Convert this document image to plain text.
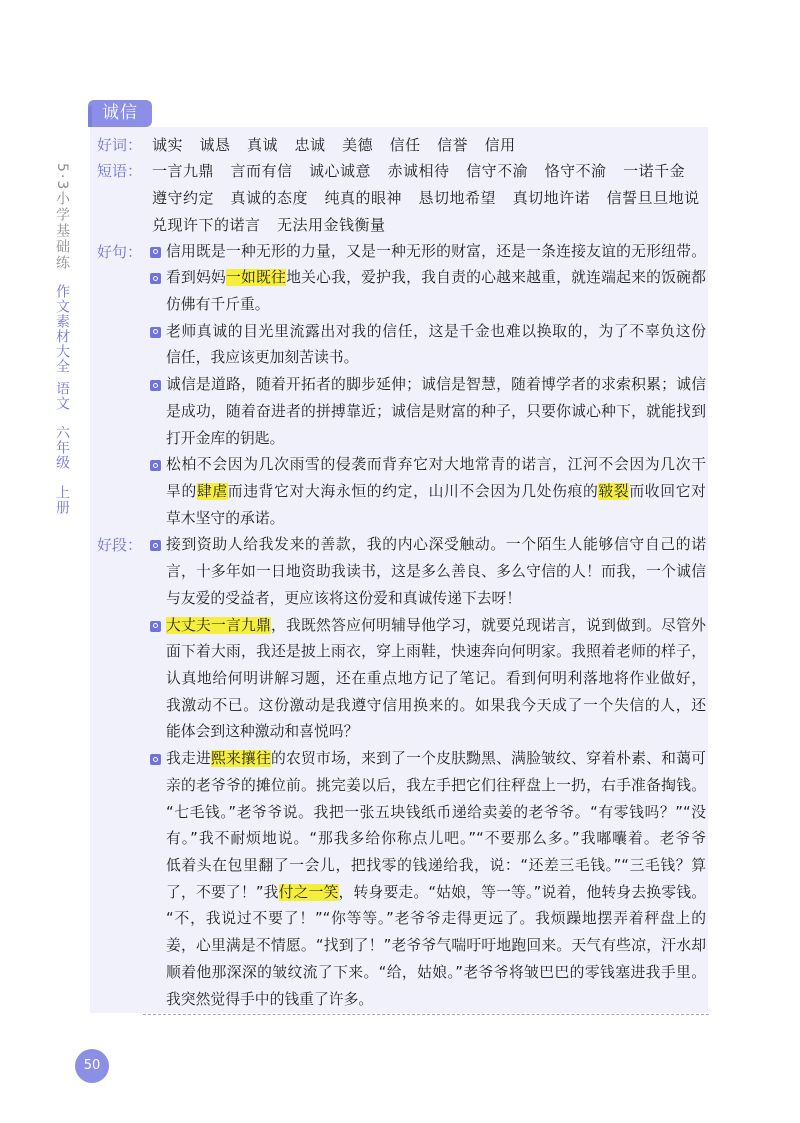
5·3小学基础练
作文素材大全
语文
六年级
上册
诚信
好词： 诚实 诚恳 真诚 忠诚 美德 信任 信誉 信用
短语： 一言九鼎 言而有信 诚心诚意 赤诚相待 信守不渝 恪守不渝 一诺千金
遵守约定 真诚的态度 纯真的眼神 恳切地希望 真切地许诺 信誓旦旦地说
兑现许下的诺言 无法用金钱衡量
好句： 信用既是一种无形的力量，又是一种无形的财富，还是一条连接友谊的无形纽带。
看到妈妈一如既往地关心我，爱护我，我自责的心越来越重，就连端起来的饭碗都
仿佛有千斤重。
老师真诚的目光里流露出对我的信任，这是千金也难以换取的，为了不辜负这份
信任，我应该更加刻苦读书。
诚信是道路，随着开拓者的脚步延伸；诚信是智慧，随着博学者的求索积累；诚信
是成功，随着奋进者的拼搏靠近；诚信是财富的种子，只要你诚心种下，就能找到
打开金库的钥匙。
松柏不会因为几次雨雪的侵袭而背弃它对大地常青的诺言，江河不会因为几次干
旱的肆虐而违背它对大海永恒的约定，山川不会因为几处伤痕的皲裂而收回它对
草木坚守的承诺。
好段： 接到资助人给我发来的善款，我的内心深受触动。一个陌生人能够信守自己的诺
言，十多年如一日地资助我读书，这是多么善良、多么守信的人！而我，一个诚信
与友爱的受益者，更应该将这份爱和真诚传递下去呀！
大丈夫一言九鼎，我既然答应何明辅导他学习，就要兑现诺言，说到做到。尽管外
面下着大雨，我还是披上雨衣，穿上雨鞋，快速奔向何明家。我照着老师的样子，
认真地给何明讲解习题，还在重点地方记了笔记。看到何明利落地将作业做好，
我激动不已。这份激动是我遵守信用换来的。如果我今天成了一个失信的人，还
能体会到这种激动和喜悦吗？
我走进熙来攘往的农贸市场，来到了一个皮肤黝黑、满脸皱纹、穿着朴素、和蔼可
亲的老爷爷的摊位前。挑完姜以后，我左手把它们往秤盘上一扔，右手准备掏钱。
“七毛钱。”老爷爷说。我把一张五块钱纸币递给卖姜的老爷爷。“有零钱吗？”“没
有。”我不耐烦地说。“那我多给你称点儿吧。”“不要那么多。”我嘟囔着。老爷爷
低着头在包里翻了一会儿，把找零的钱递给我，说：“还差三毛钱。”“三毛钱？算
了，不要了！”我付之一笑，转身要走。“姑娘，等一等。”说着，他转身去换零钱。
“不，我说过不要了！”“你等等。”老爷爷走得更远了。我烦躁地摆弄着秤盘上的
姜，心里满是不情愿。“找到了！”老爷爷气喘吁吁地跑回来。天气有些凉，汗水却
顺着他那深深的皱纹流了下来。“给，姑娘。”老爷爷将皱巴巴的零钱塞进我手里。
我突然觉得手中的钱重了许多。
50
